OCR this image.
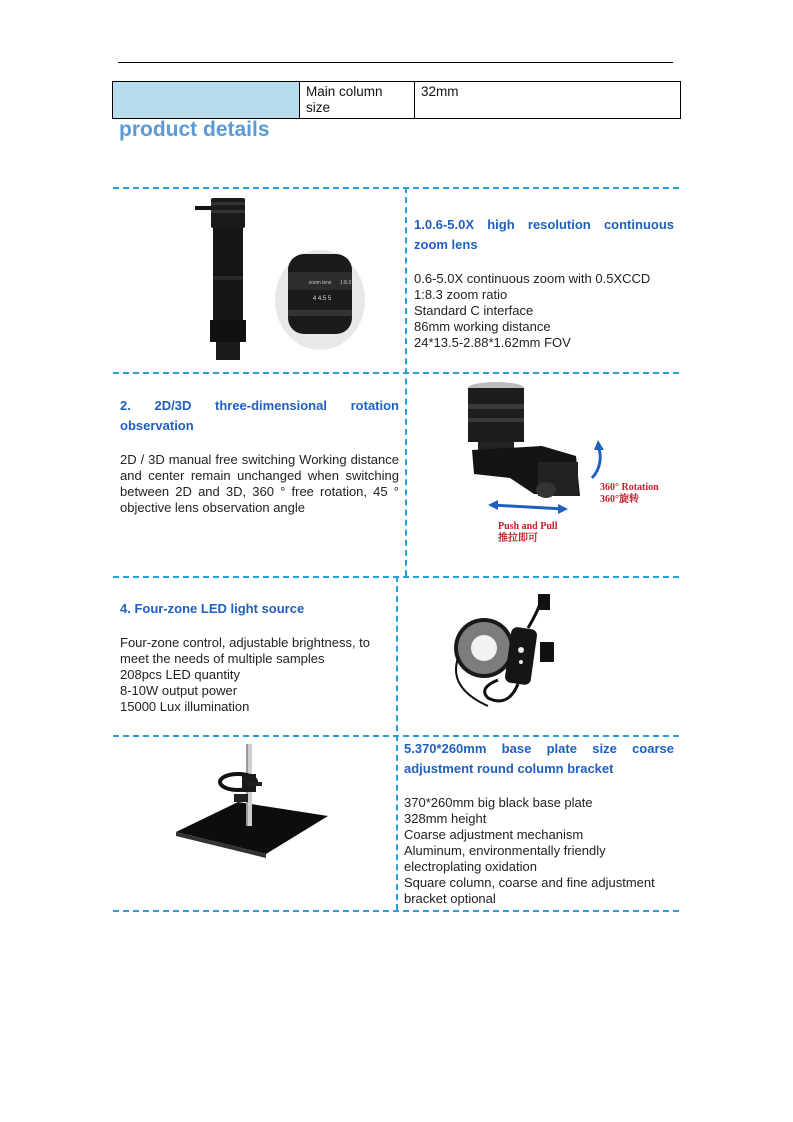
	Main column size	32mm
product details
zoom lens 1:8.3
4 4.5 5
1.0.6-5.0X high resolution continuous zoom lens
0.6-5.0X continuous zoom with 0.5XCCD
1:8.3 zoom ratio
Standard C interface
86mm working distance
24*13.5-2.88*1.62mm FOV
2. 2D/3D three-dimensional rotation observation
2D / 3D manual free switching Working distance and center remain unchanged when switching between 2D and 3D, 360 ° free rotation, 45 ° objective lens observation angle
360° Rotation
360°旋转
Push and Pull
推拉即可
4. Four-zone LED light source
Four-zone control, adjustable brightness, to meet the needs of multiple samples
208pcs LED quantity
8-10W output power
15000 Lux illumination
5.370*260mm base plate size coarse adjustment round column bracket
370*260mm big black base plate
328mm height
Coarse adjustment mechanism
Aluminum, environmentally friendly electroplating oxidation
Square column, coarse and fine adjustment bracket optional
